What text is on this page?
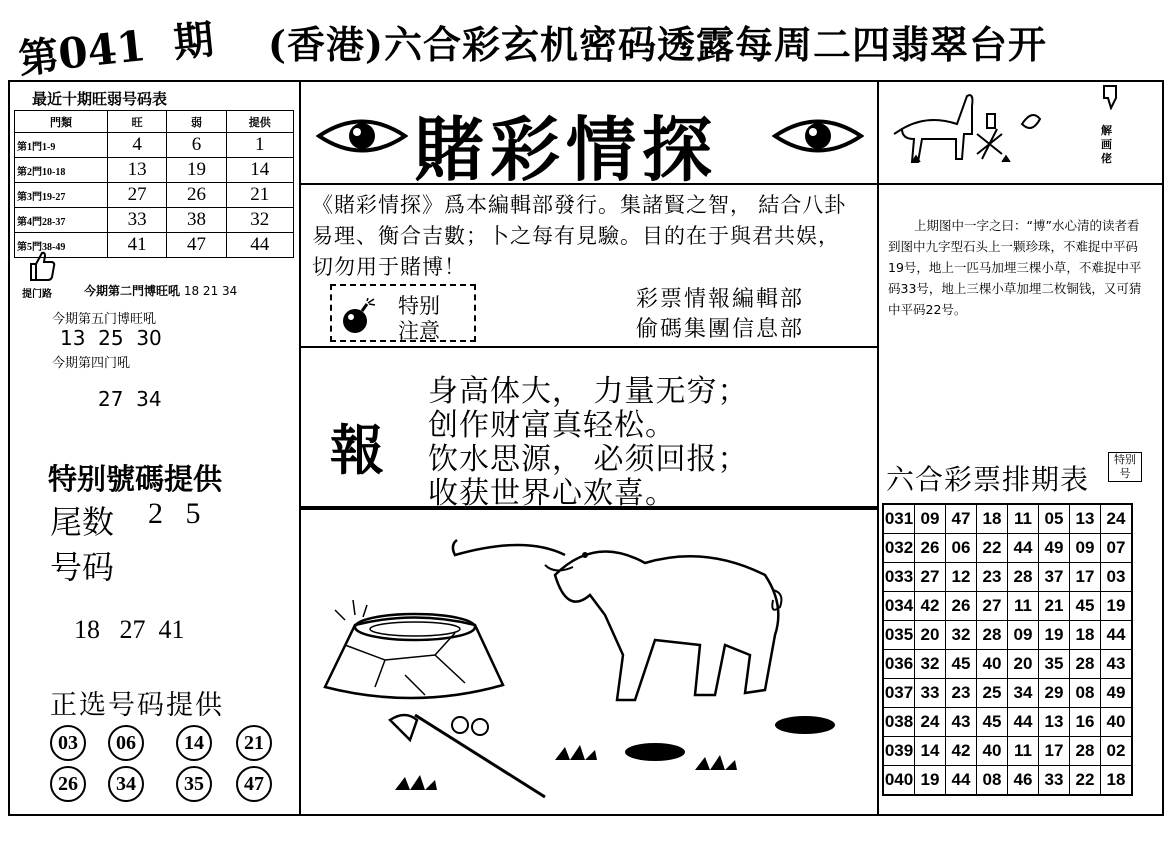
第041 期 (香港)六合彩玄机密码透露每周二四翡翠台开
最近十期旺弱号码表
門類	旺	弱	提供
第1門1-9	4	6	1
第2門10-18	13	19	14
第3門19-27	27	26	21
第4門28-37	33	38	32
第5門38-49	41	47	44
提门路	今期第二門博旺吼 18 21 34
今期第五门博旺吼
13  25  30
今期第四门吼
27  34
特别號碼提供
尾数 2   5
号码
18   27  41
正选号码提供
03	06	14	21
26	34	35	47
賭彩情探
《賭彩情探》爲本編輯部發行。集諸賢之智， 結合八卦易理、衡合吉數；卜之每有見驗。目的在于與君共娱，切勿用于賭博！
特别
注意
彩票情報編輯部
偷碼集團信息部
報
身高体大， 力量无穷；
创作财富真轻松。
饮水思源， 必须回报；
收获世界心欢喜。
解画佬
上期图中一字之曰：“博”水心清的读者看到图中九字型石头上一颗珍珠，不难捉中平码19号，地上一匹马加埋三棵小草，不难捉中平码33号，地上三棵小草加埋二枚铜钱，又可猜中平码22号。
六合彩票排期表
特别号
031	09	47	18	11	05	13	24
032	26	06	22	44	49	09	07
033	27	12	23	28	37	17	03
034	42	26	27	11	21	45	19
035	20	32	28	09	19	18	44
036	32	45	40	20	35	28	43
037	33	23	25	34	29	08	49
038	24	43	45	44	13	16	40
039	14	42	40	11	17	28	02
040	19	44	08	46	33	22	18
